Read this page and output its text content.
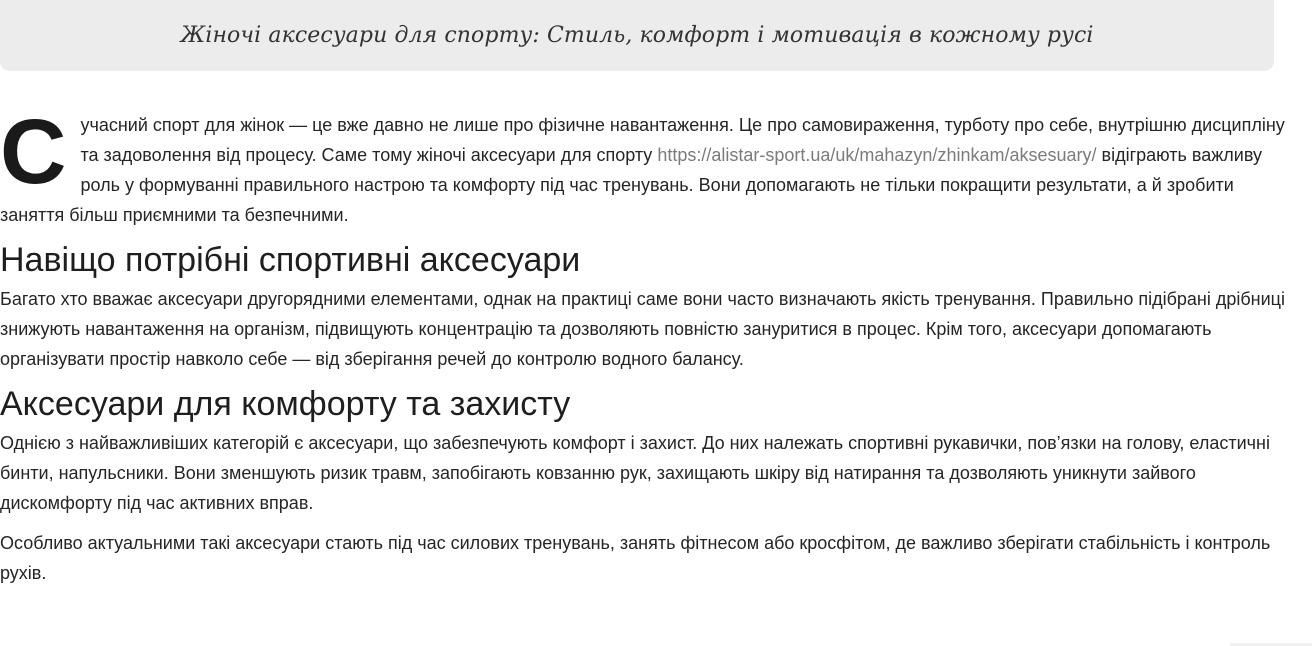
Жіночі аксесуари для спорту: Стиль, комфорт і мотивація в кожному русі

Сучасний спорт для жінок — це вже давно не лише про фізичне навантаження. Це про самовираження, турботу про себе, внутрішню дисципліну та задоволення від процесу. Саме тому жіночі аксесуари для спорту https://alistar-sport.ua/uk/mahazyn/zhinkam/aksesuary/ відіграють важливу роль у формуванні правильного настрою та комфорту під час тренувань. Вони допомагають не тільки покращити результати, а й зробити заняття більш приємними та безпечними.

Навіщо потрібні спортивні аксесуари

Багато хто вважає аксесуари другорядними елементами, однак на практиці саме вони часто визначають якість тренування. Правильно підібрані дрібниці знижують навантаження на організм, підвищують концентрацію та дозволяють повністю зануритися в процес. Крім того, аксесуари допомагають організувати простір навколо себе — від зберігання речей до контролю водного балансу.

Аксесуари для комфорту та захисту

Однією з найважливіших категорій є аксесуари, що забезпечують комфорт і захист. До них належать спортивні рукавички, пов’язки на голову, еластичні бинти, напульсники. Вони зменшують ризик травм, запобігають ковзанню рук, захищають шкіру від натирання та дозволяють уникнути зайвого дискомфорту під час активних вправ.

Особливо актуальними такі аксесуари стають під час силових тренувань, занять фітнесом або кросфітом, де важливо зберігати стабільність і контроль рухів.
